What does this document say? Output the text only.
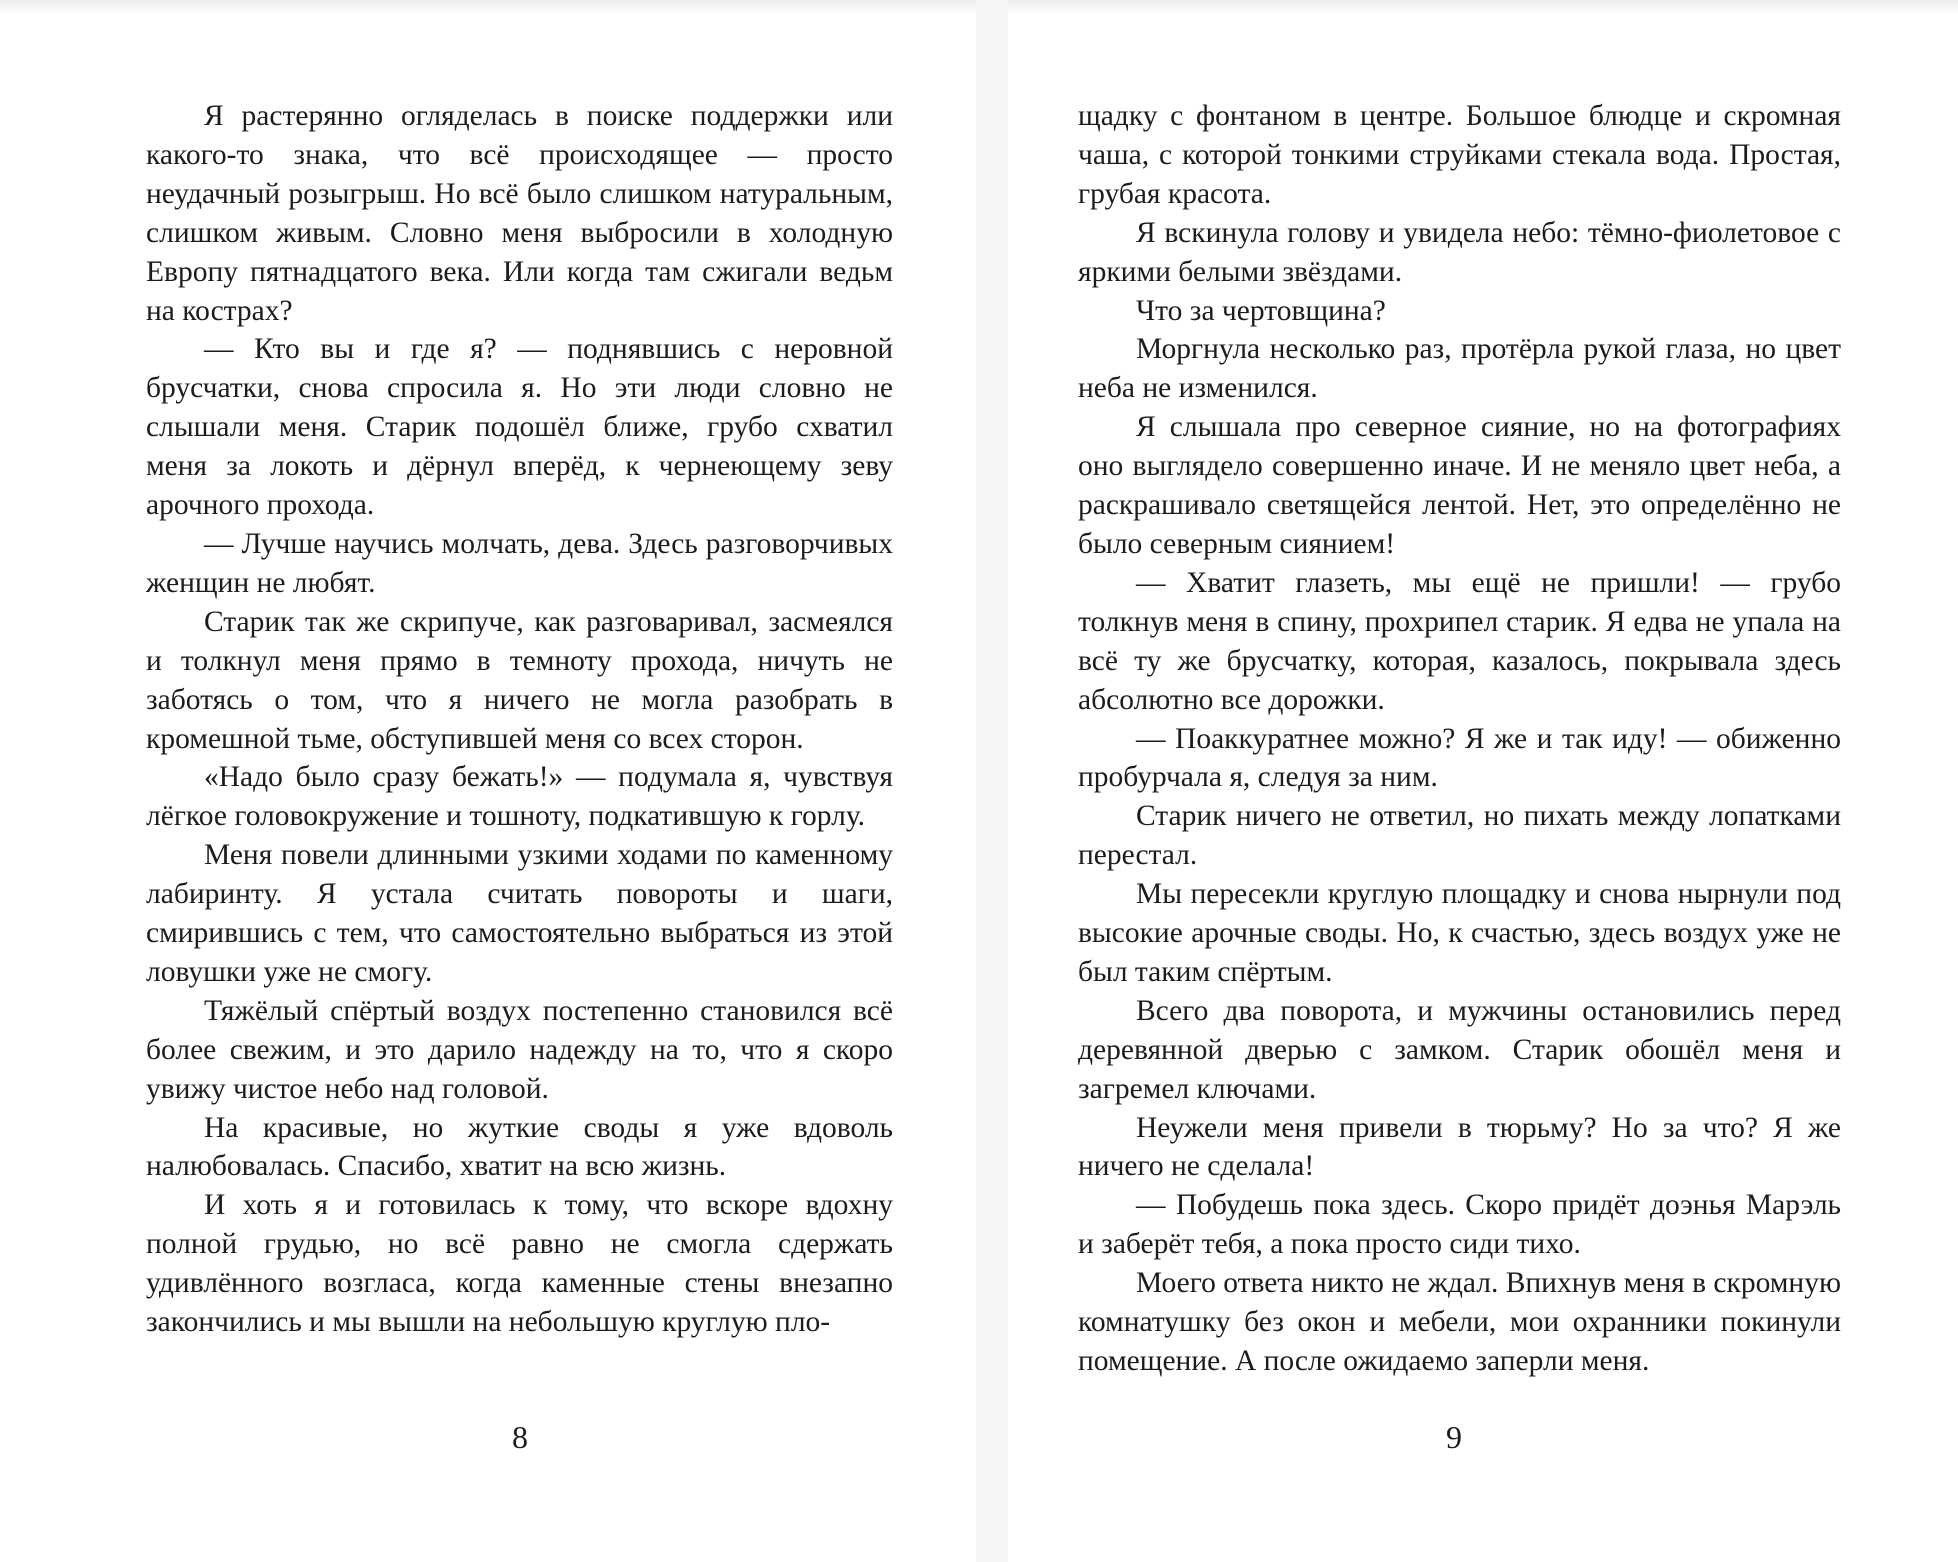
Я растерянно огляделась в поиске поддержки или какого-то знака, что всё происходящее — просто неудачный розыгрыш. Но всё было слишком натуральным, слишком живым. Словно меня выбросили в холодную Европу пятнадцатого века. Или когда там сжигали ведьм на кострах?

— Кто вы и где я? — поднявшись с неровной брусчатки, снова спросила я. Но эти люди словно не слышали меня. Старик подошёл ближе, грубо схватил меня за локоть и дёрнул вперёд, к чернеющему зеву арочного прохода.

— Лучше научись молчать, дева. Здесь разговорчивых женщин не любят.

Старик так же скрипуче, как разговаривал, засмеялся и толкнул меня прямо в темноту прохода, ничуть не заботясь о том, что я ничего не могла разобрать в кромешной тьме, обступившей меня со всех сторон.

«Надо было сразу бежать!» — подумала я, чувствуя лёгкое головокружение и тошноту, подкатившую к горлу.

Меня повели длинными узкими ходами по каменному лабиринту. Я устала считать повороты и шаги, смирившись с тем, что самостоятельно выбраться из этой ловушки уже не смогу.

Тяжёлый спёртый воздух постепенно становился всё более свежим, и это дарило надежду на то, что я скоро увижу чистое небо над головой.

На красивые, но жуткие своды я уже вдоволь налюбовалась. Спасибо, хватит на всю жизнь.

И хоть я и готовилась к тому, что вскоре вдохну полной грудью, но всё равно не смогла сдержать удивлённого возгласа, когда каменные стены внезапно закончились и мы вышли на небольшую круглую пло-

8

щадку с фонтаном в центре. Большое блюдце и скромная чаша, с которой тонкими струйками стекала вода. Простая, грубая красота.

Я вскинула голову и увидела небо: тёмно-фиолетовое с яркими белыми звёздами.

Что за чертовщина?

Моргнула несколько раз, протёрла рукой глаза, но цвет неба не изменился.

Я слышала про северное сияние, но на фотографиях оно выглядело совершенно иначе. И не меняло цвет неба, а раскрашивало светящейся лентой. Нет, это определённо не было северным сиянием!

— Хватит глазеть, мы ещё не пришли! — грубо толкнув меня в спину, прохрипел старик. Я едва не упала на всё ту же брусчатку, которая, казалось, покрывала здесь абсолютно все дорожки.

— Поаккуратнее можно? Я же и так иду! — обиженно пробурчала я, следуя за ним.

Старик ничего не ответил, но пихать между лопатками перестал.

Мы пересекли круглую площадку и снова нырнули под высокие арочные своды. Но, к счастью, здесь воздух уже не был таким спёртым.

Всего два поворота, и мужчины остановились перед деревянной дверью с замком. Старик обошёл меня и загремел ключами.

Неужели меня привели в тюрьму? Но за что? Я же ничего не сделала!

— Побудешь пока здесь. Скоро придёт доэнья Марэль и заберёт тебя, а пока просто сиди тихо.

Моего ответа никто не ждал. Впихнув меня в скромную комнатушку без окон и мебели, мои охранники покинули помещение. А после ожидаемо заперли меня.

9
